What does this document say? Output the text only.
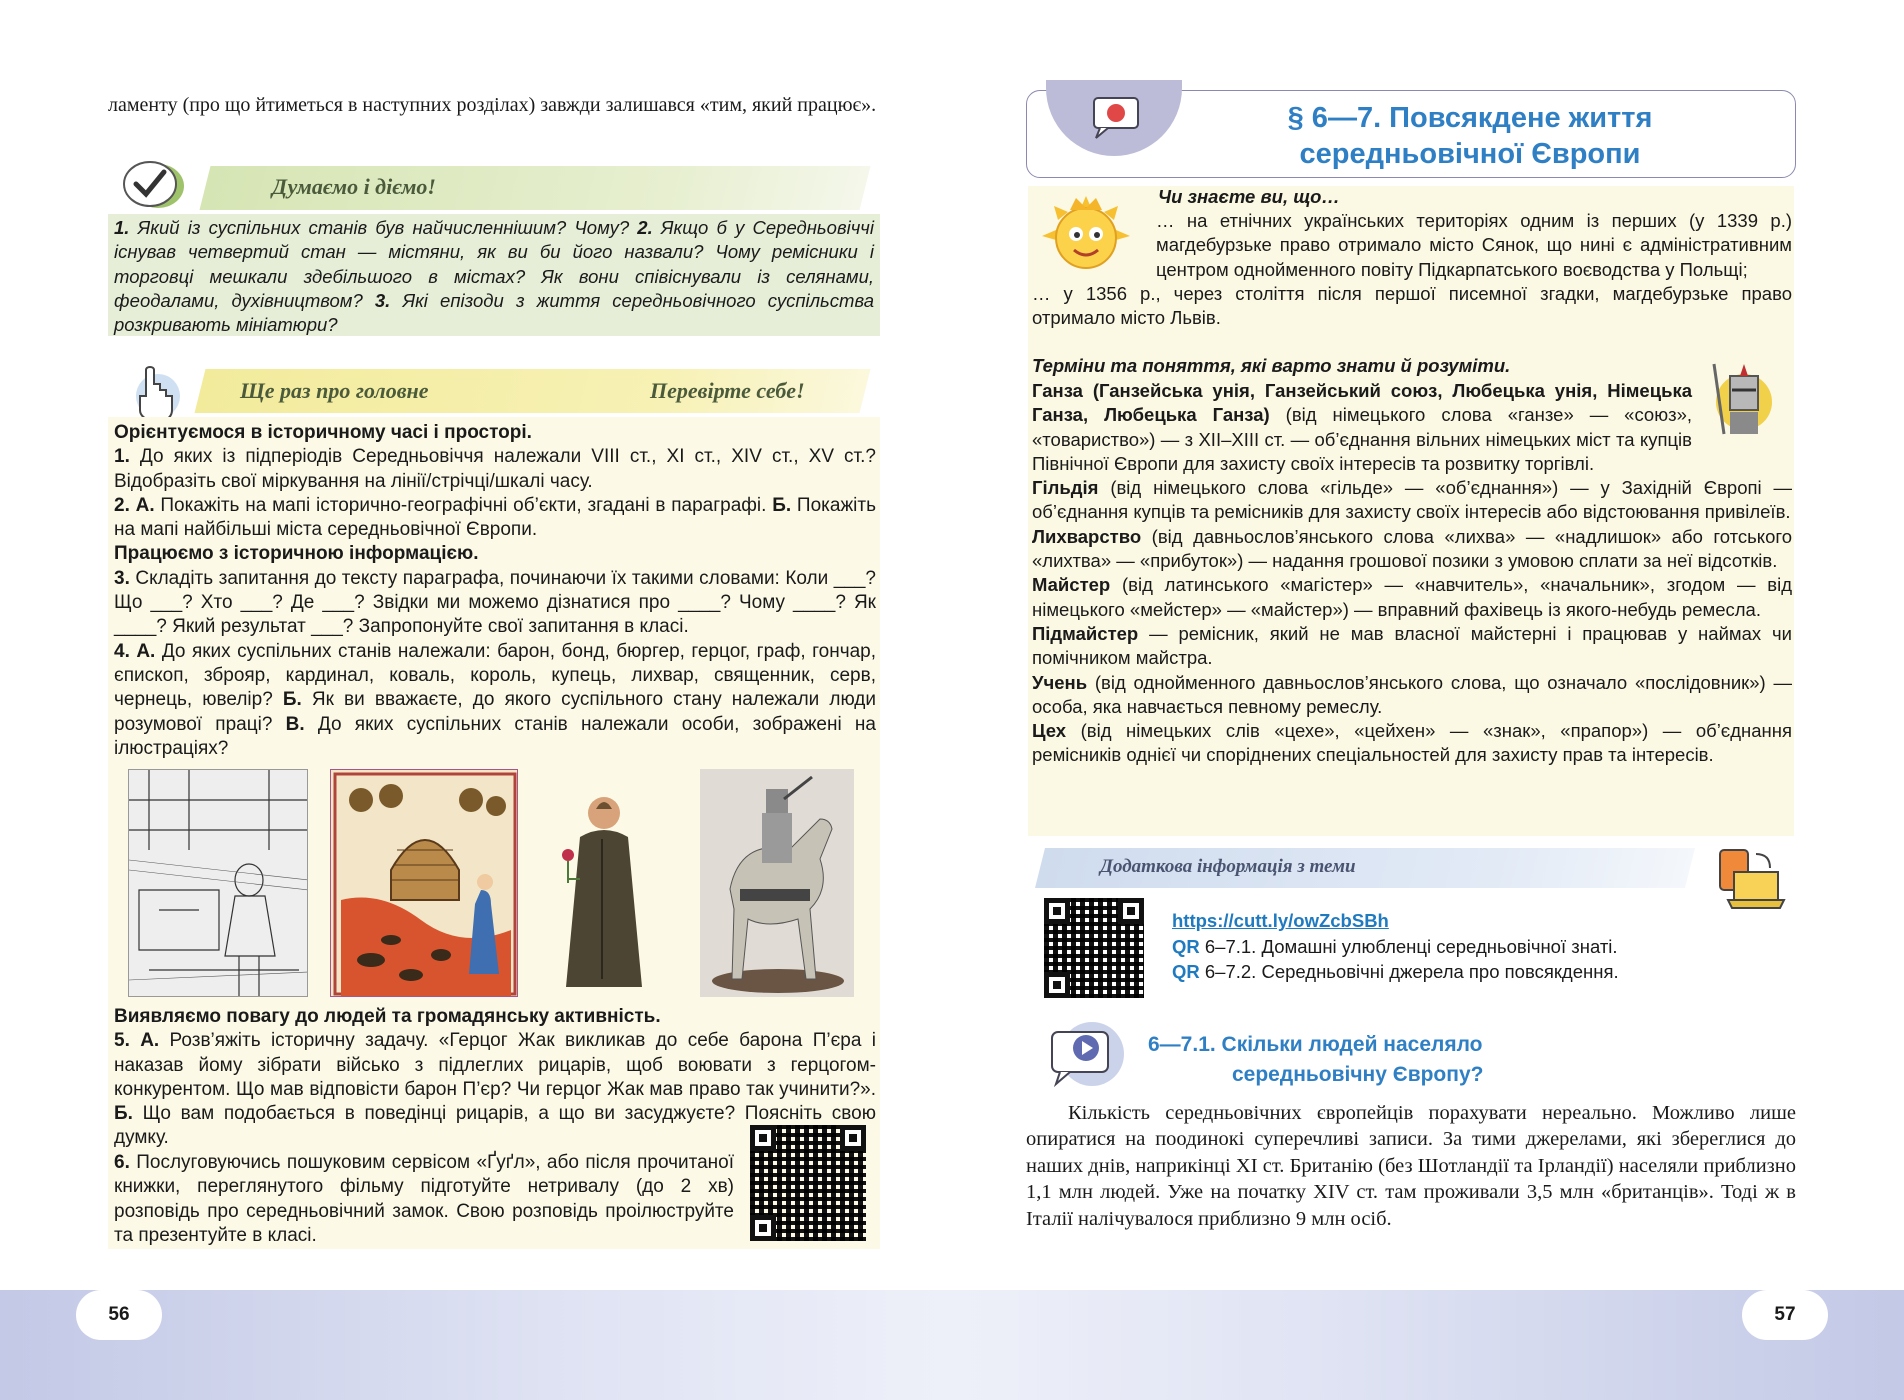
ламенту (про що йтиметься в наступних розділах) завжди залишався «тим, який працює».

Думаємо і діємо!

1. Який із суспільних станів був найчисленнішим? Чому? 2. Якщо б у Середньовіччі існував четвертий стан — містяни, як ви би його назвали? Чому ремісники і торговці мешкали здебільшого в містах? Як вони співіснували із селянами, феодалами, духівництвом? 3. Які епізоди з життя середньовічного суспільства розкривають мініатюри?

Ще раз про головне	Перевірте себе!
Орієнтуємося в історичному часі і просторі.
1. До яких із підперіодів Середньовіччя належали VIII ст., XI ст., XIV ст., XV ст.? Відобразіть свої міркування на лінії/стрічці/шкалі часу.
2. А. Покажіть на мапі історично-географічні об’єкти, згадані в параграфі. Б. Покажіть на мапі найбільші міста середньовічної Європи.
Працюємо з історичною інформацією.
3. Складіть запитання до тексту параграфа, починаючи їх такими словами: Коли ___? Що ___? Хто ___? Де ___? Звідки ми можемо дізнатися про ____? Чому ____? Як ____? Який результат ___? Запропонуйте свої запитання в класі.
4. А. До яких суспільних станів належали: барон, бонд, бюргер, герцог, граф, гончар, єпископ, зброяр, кардинал, коваль, король, купець, лихвар, священник, серв, чернець, ювелір? Б. Як ви вважаєте, до якого суспільного стану належали люди розумової праці? В. До яких суспільних станів належали особи, зображені на ілюстраціях?
Виявляємо повагу до людей та громадянську активність.
5. А. Розв’яжіть історичну задачу. «Герцог Жак викликав до себе барона П’єра і наказав йому зібрати військо з підлеглих рицарів, щоб воювати з герцогом-конкурентом. Що мав відповісти барон П’єр? Чи герцог Жак мав право так учинити?». Б. Що вам подобається в поведінці рицарів, а що ви засуджуєте? Поясніть свою думку.
6. Послуговуючись пошуковим сервісом «Ґуґл», або після прочитаної книжки, переглянутого фільму підготуйте нетривалу (до 2 хв) розповідь про середньовічний замок. Свою розповідь проілюструйте та презентуйте в класі.
§ 6—7. Повсякдене життя
середньовічної Європи
Чи знаєте ви, що…
… на етнічних українських територіях одним із перших (у 1339 р.) магдебурзьке право отримало місто Сянок, що нині є адміністративним центром однойменного повіту Підкарпатського воєводства у Польщі;
… у 1356 р., через століття після першої писемної згадки, магдебурзьке право отримало місто Львів.
Терміни та поняття, які варто знати й розуміти.
Ганза (Ганзейська унія, Ганзейський союз, Любецька унія, Німецька Ганза, Любецька Ганза) (від німецького слова «ганзе» — «союз», «товариство») — з XII–XIII ст. — об’єднання вільних німецьких міст та купців Північної Європи для захисту своїх інтересів та розвитку торгівлі.
Гільдія (від німецького слова «гільде» — «об’єднання») — у Західній Європі — об’єднання купців та ремісників для захисту своїх інтересів або відстоювання привілеїв.
Лихварство (від давньослов’янського слова «лихва» — «надлишок» або готського «лихтва» — «прибуток») — надання грошової позики з умовою сплати за неї відсотків.
Майстер (від латинського «магістер» — «навчитель», «начальник», згодом — від німецького «мейстер» — «майстер») — вправний фахівець із якого-небудь ремесла.
Підмайстер — ремісник, який не мав власної майстерні і працював у наймах чи помічником майстра.
Учень (від однойменного давньослов’янського слова, що означало «послідовник») — особа, яка навчається певному ремеслу.
Цех (від німецьких слів «цехе», «цейхен» — «знак», «прапор») — об’єднання ремісників однієї чи споріднених спеціальностей для захисту прав та інтересів.
Додаткова інформація з теми
https://cutt.ly/owZcbSBh
QR 6–7.1. Домашні улюбленці середньовічної знаті.
QR 6–7.2. Середньовічні джерела про повсякдення.
6—7.1. Скільки людей населяло
середньовічну Європу?

Кількість середньовічних європейців порахувати нереально. Можливо лише опиратися на поодинокі суперечливі записи. За тими джерелами, які збереглися до наших днів, наприкінці XI ст. Британію (без Шотландії та Ірландії) населяли приблизно 1,1 млн людей. Уже на початку XIV ст. там проживали 3,5 млн «британців». Тоді ж в Італії налічувалося приблизно 9 млн осіб.

56	57
